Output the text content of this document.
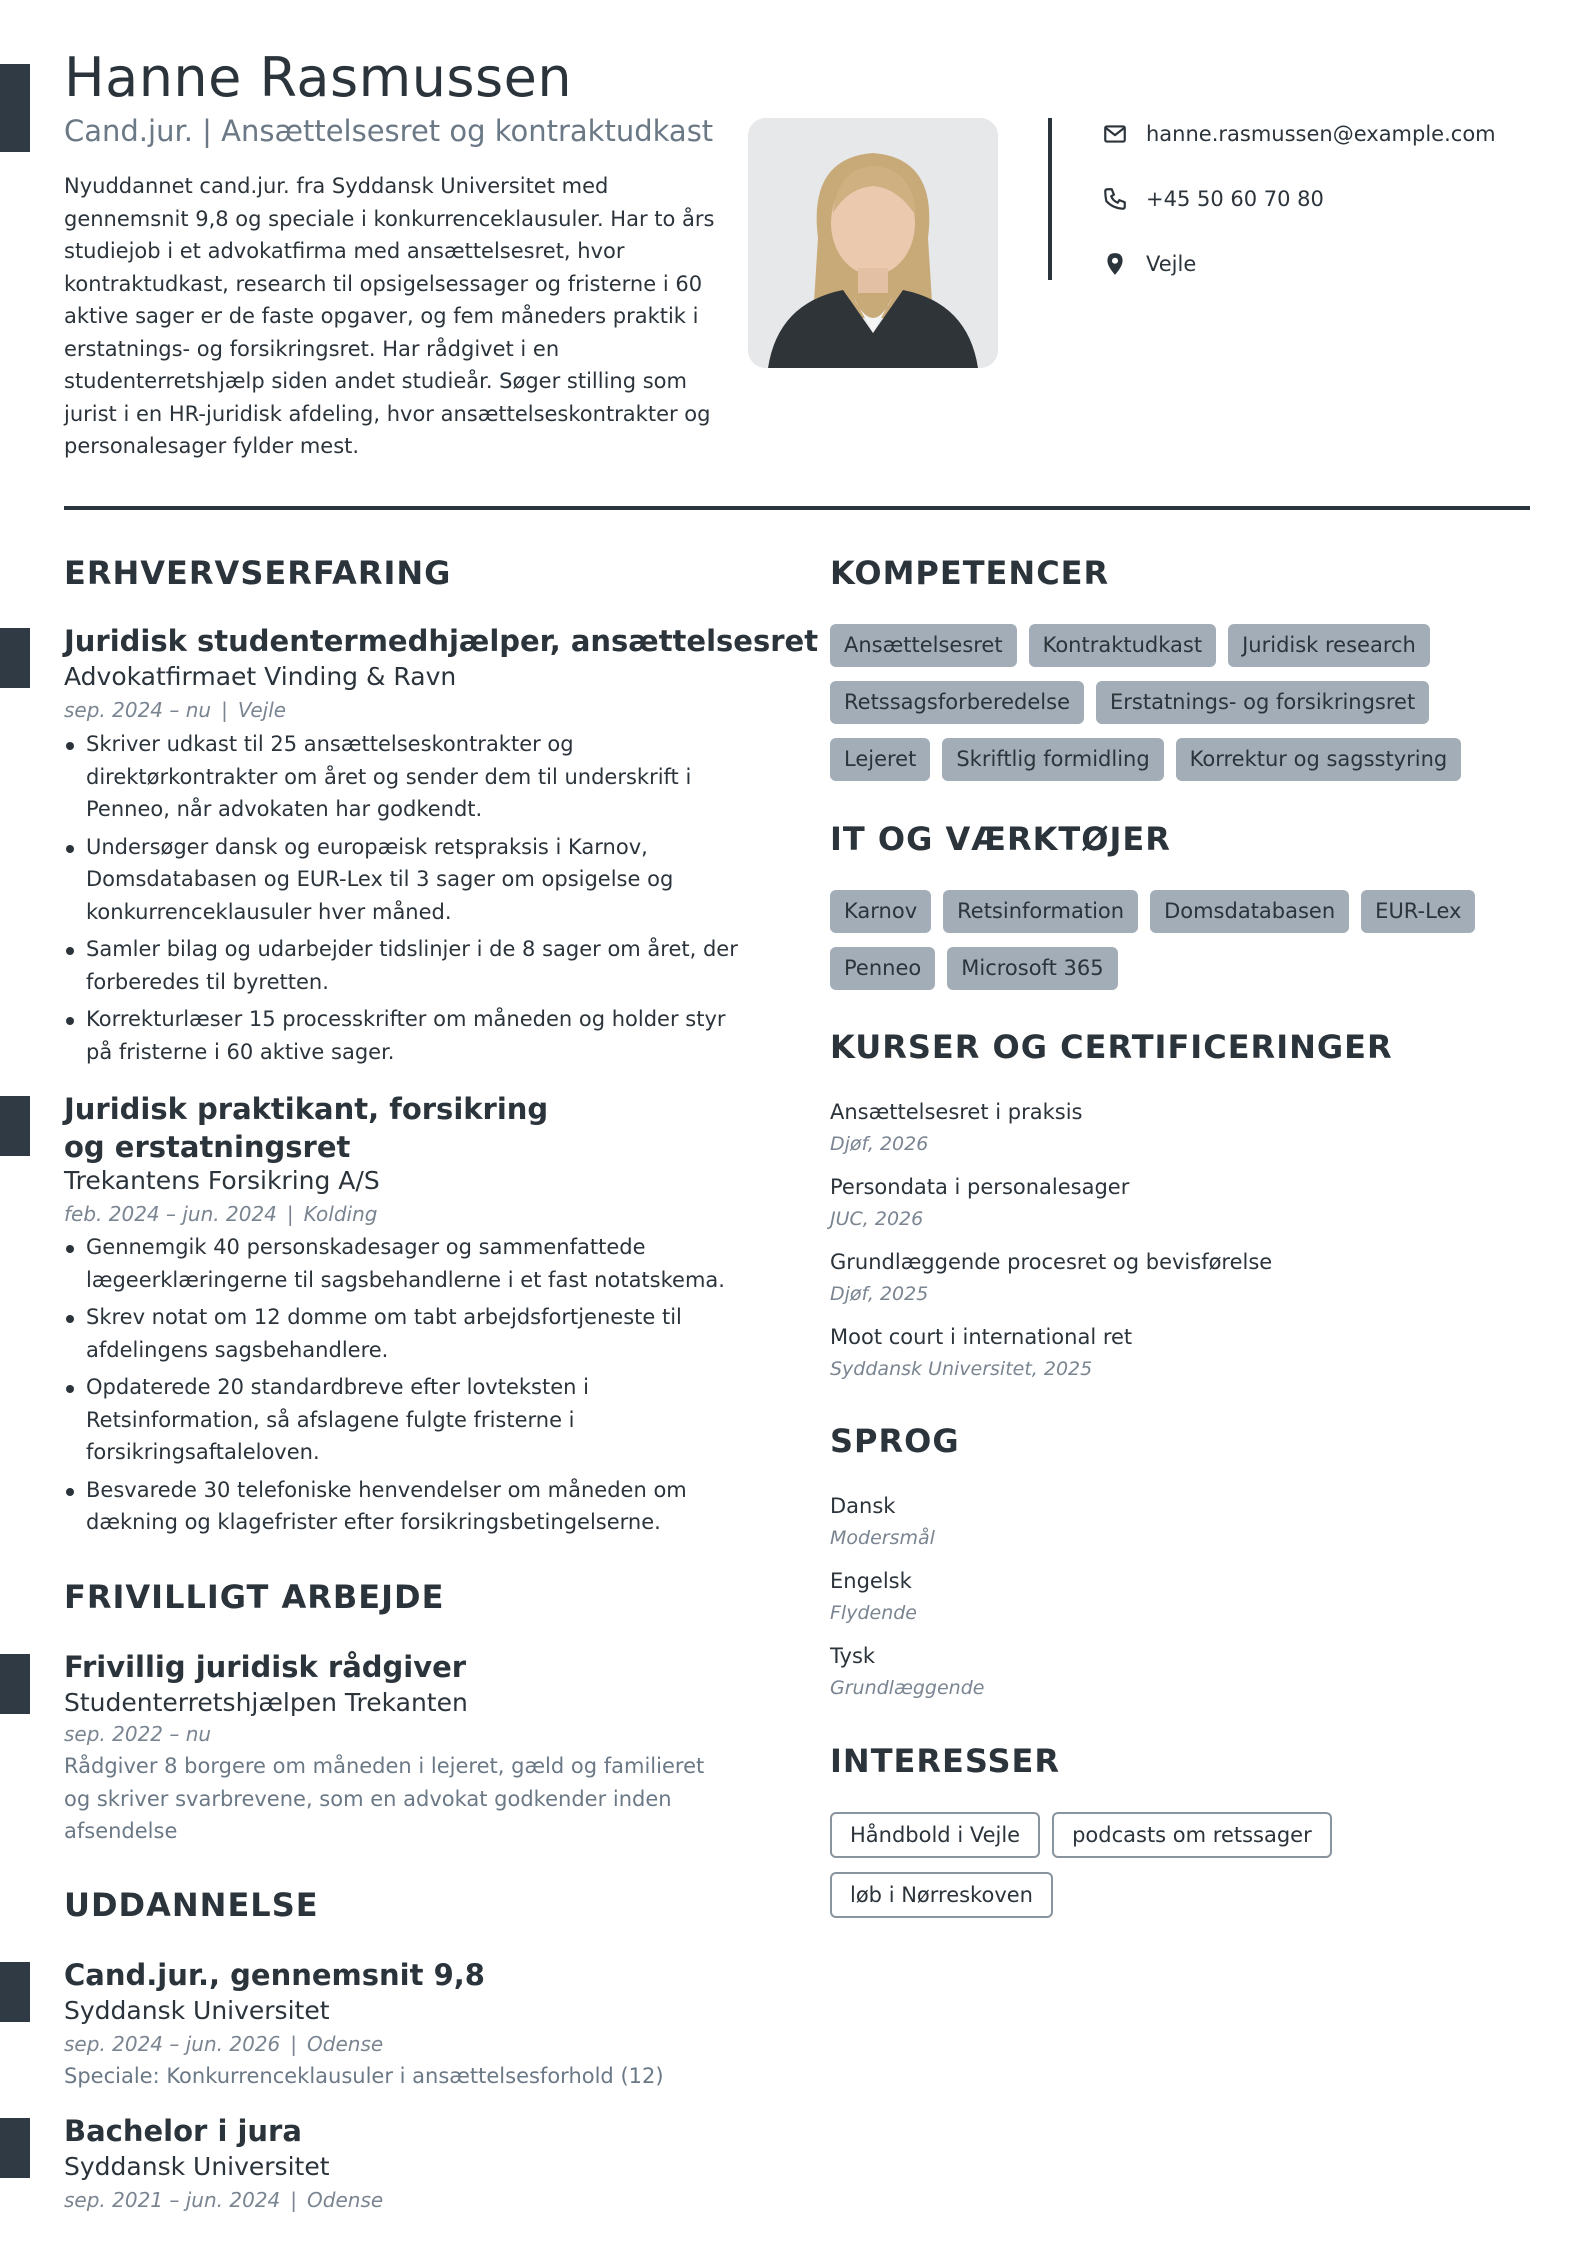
Hanne Rasmussen
Cand.jur. | Ansættelsesret og kontraktudkast
Nyuddannet cand.jur. fra Syddansk Universitet med gennemsnit 9,8 og speciale i konkurrenceklausuler. Har to års studiejob i et advokatfirma med ansættelsesret, hvor kontraktudkast, research til opsigelsessager og fristerne i 60 aktive sager er de faste opgaver, og fem måneders praktik i erstatnings- og forsikringsret. Har rådgivet i en studenterretshjælp siden andet studieår. Søger stilling som jurist i en HR-juridisk afdeling, hvor ansættelseskontrakter og personalesager fylder mest.
hanne.rasmussen@example.com
+45 50 60 70 80
Vejle
ERHVERVSERFARING
Juridisk studentermedhjælper, ansættelsesret
Advokatfirmaet Vinding & Ravn
sep. 2024 – nu | Vejle
Skriver udkast til 25 ansættelseskontrakter og direktørkontrakter om året og sender dem til underskrift i Penneo, når advokaten har godkendt.
Undersøger dansk og europæisk retspraksis i Karnov, Domsdatabasen og EUR-Lex til 3 sager om opsigelse og konkurrenceklausuler hver måned.
Samler bilag og udarbejder tidslinjer i de 8 sager om året, der forberedes til byretten.
Korrekturlæser 15 processkrifter om måneden og holder styr på fristerne i 60 aktive sager.
Juridisk praktikant, forsikring
og erstatningsret
Trekantens Forsikring A/S
feb. 2024 – jun. 2024 | Kolding
Gennemgik 40 personskadesager og sammenfattede lægeerklæringerne til sagsbehandlerne i et fast notatskema.
Skrev notat om 12 domme om tabt arbejdsfortjeneste til afdelingens sagsbehandlere.
Opdaterede 20 standardbreve efter lovteksten i Retsinformation, så afslagene fulgte fristerne i forsikringsaftaleloven.
Besvarede 30 telefoniske henvendelser om måneden om dækning og klagefrister efter forsikringsbetingelserne.
FRIVILLIGT ARBEJDE
Frivillig juridisk rådgiver
Studenterretshjælpen Trekanten
sep. 2022 – nu
Rådgiver 8 borgere om måneden i lejeret, gæld og familieret og skriver svarbrevene, som en advokat godkender inden afsendelse
UDDANNELSE
Cand.jur., gennemsnit 9,8
Syddansk Universitet
sep. 2024 – jun. 2026 | Odense
Speciale: Konkurrenceklausuler i ansættelsesforhold (12)
Bachelor i jura
Syddansk Universitet
sep. 2021 – jun. 2024 | Odense
KOMPETENCER
Ansættelsesret	Kontraktudkast	Juridisk research
Retssagsforberedelse	Erstatnings- og forsikringsret
Lejeret	Skriftlig formidling	Korrektur og sagsstyring
IT OG VÆRKTØJER
Karnov	Retsinformation	Domsdatabasen	EUR-Lex
Penneo	Microsoft 365
KURSER OG CERTIFICERINGER
Ansættelsesret i praksis
Djøf, 2026
Persondata i personalesager
JUC, 2026
Grundlæggende procesret og bevisførelse
Djøf, 2025
Moot court i international ret
Syddansk Universitet, 2025
SPROG
Dansk
Modersmål
Engelsk
Flydende
Tysk
Grundlæggende
INTERESSER
Håndbold i Vejle	podcasts om retssager
løb i Nørreskoven
